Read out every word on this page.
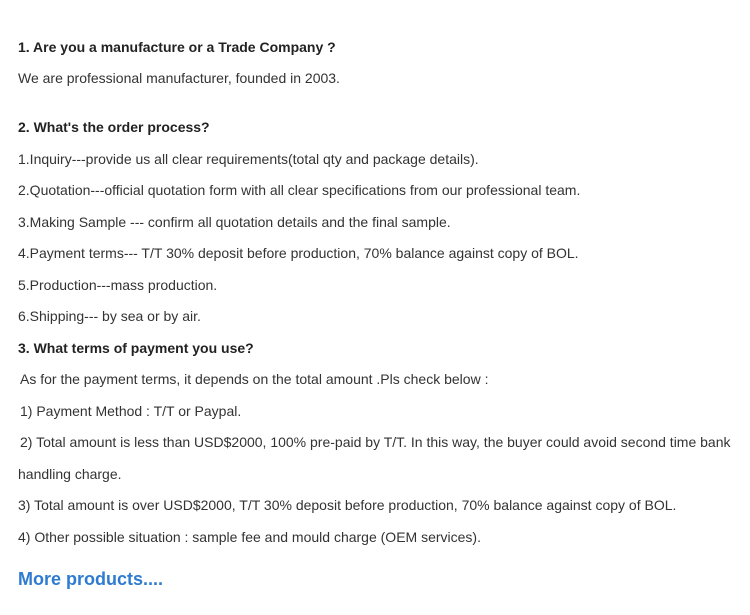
1. Are you a manufacture or a Trade Company ?
We are professional manufacturer, founded in 2003.
2. What's the order process?
1.Inquiry---provide us all clear requirements(total qty and package details).
2.Quotation---official quotation form with all clear specifications from our professional team.
3.Making Sample --- confirm all quotation details and the final sample.
4.Payment terms--- T/T 30% deposit before production, 70% balance against copy of BOL.
5.Production---mass production.
6.Shipping--- by sea or by air.
3. What terms of payment you use?
As for the payment terms, it depends on the total amount .Pls check below :
1) Payment Method : T/T or Paypal.
2) Total amount is less than USD$2000, 100% pre-paid by T/T. In this way, the buyer could avoid second time bank
handling charge.
3) Total amount is over USD$2000, T/T 30% deposit before production, 70% balance against copy of BOL.
4) Other possible situation : sample fee and mould charge (OEM services).
More products....
